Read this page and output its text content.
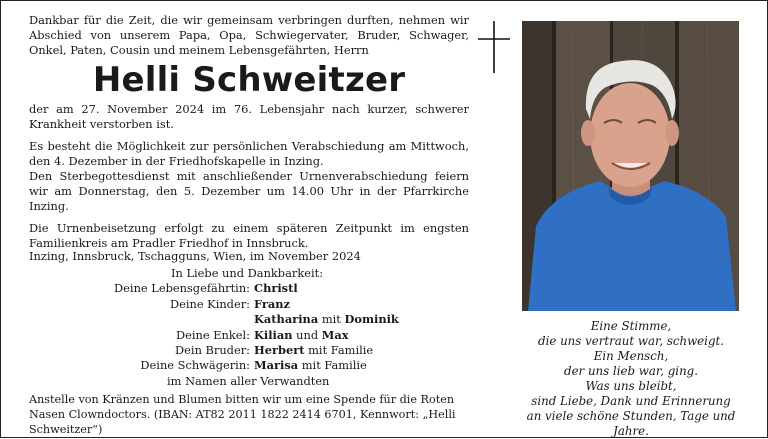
Dankbar für die Zeit, die wir gemeinsam verbringen durften, nehmen wir Abschied von unserem Papa, Opa, Schwiegervater, Bruder, Schwager, Onkel, Paten, Cousin und meinem Lebensgefährten, Herrn

Helli Schweitzer

der am 27. November 2024 im 76. Lebensjahr nach kurzer, schwerer Krankheit verstorben ist.

Es besteht die Möglichkeit zur persönlichen Verabschiedung am Mittwoch, den 4. Dezember in der Friedhofskapelle in Inzing.

Den Sterbegottesdienst mit anschließender Urnenverabschiedung feiern wir am Donnerstag, den 5. Dezember um 14.00 Uhr in der Pfarrkirche Inzing.

Die Urnenbeisetzung erfolgt zu einem späteren Zeitpunkt im engsten Familienkreis am Pradler Friedhof in Innsbruck.

Inzing, Innsbruck, Tschagguns, Wien, im November 2024
In Liebe und Dankbarkeit:
Deine Lebensgefährtin: Christl
Deine Kinder: Franz
Katharina mit Dominik
Deine Enkel: Kilian und Max
Dein Bruder: Herbert mit Familie
Deine Schwägerin: Marisa mit Familie
im Namen aller Verwandten
Anstelle von Kränzen und Blumen bitten wir um eine Spende für die Roten Nasen Clowndoctors. (IBAN: AT82 2011 1822 2414 6701, Kennwort: „Helli Schweitzer“)
Eine Stimme,
die uns vertraut war, schweigt.
Ein Mensch,
der uns lieb war, ging.
Was uns bleibt,
sind Liebe, Dank und Erinnerung
an viele schöne Stunden, Tage und Jahre.
